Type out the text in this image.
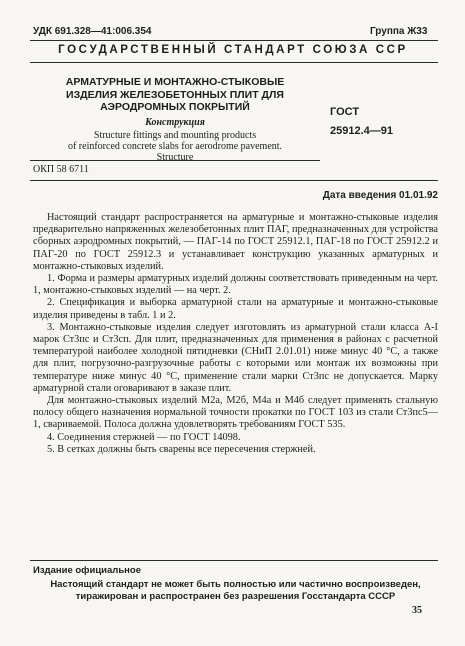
УДК 691.328—41:006.354	Группа Ж33
ГОСУДАРСТВЕННЫЙ СТАНДАРТ СОЮЗА ССР
АРМАТУРНЫЕ И МОНТАЖНО-СТЫКОВЫЕ
ИЗДЕЛИЯ ЖЕЛЕЗОБЕТОННЫХ ПЛИТ ДЛЯ
АЭРОДРОМНЫХ ПОКРЫТИЙ
Конструкция
Structure fittings and mounting products
of reinforced concrete slabs for aerodrome pavement.
Structure
ГОСТ
25912.4—91
ОКП 58 6711
Дата введения 01.01.92

Настоящий стандарт распространяется на арматурные и монтажно-стыковые изделия предварительно напряженных железобетонных плит ПАГ, предназначенных для устройства сборных аэродромных покрытий, — ПАГ-14 по ГОСТ 25912.1, ПАГ-18 по ГОСТ 25912.2 и ПАГ-20 по ГОСТ 25912.3 и устанавливает конструкцию указанных арматурных и монтажно-стыковых изделий.

1. Форма и размеры арматурных изделий должны соответствовать приведенным на черт. 1, монтажно-стыковых изделий — на черт. 2.

2. Спецификация и выборка арматурной стали на арматурные и монтажно-стыковые изделия приведены в табл. 1 и 2.

3. Монтажно-стыковые изделия следует изготовлять из арматурной стали класса А-I марок Ст3пс и Ст3сп. Для плит, предназначенных для применения в районах с расчетной температурой наиболее холодной пятидневки (СНиП 2.01.01) ниже минус 40 °С, а также для плит, погрузочно-разгрузочные работы с которыми или монтаж их возможны при температуре ниже минус 40 °С, применение стали марки Ст3пс не допускается. Марку арматурной стали оговаривают в заказе плит.

Для монтажно-стыковых изделий М2а, М2б, М4а и М4б следует применять стальную полосу общего назначения нормальной точности прокатки по ГОСТ 103 из стали Ст3пс5—1, свариваемой. Полоса должна удовлетворять требованиям ГОСТ 535.

4. Соединения стержней — по ГОСТ 14098.

5. В сетках должны быть сварены все пересечения стержней.

Издание официальное
Настоящий стандарт не может быть полностью или частично воспроизведен,
тиражирован и распространен без разрешения Госстандарта СССР
35
